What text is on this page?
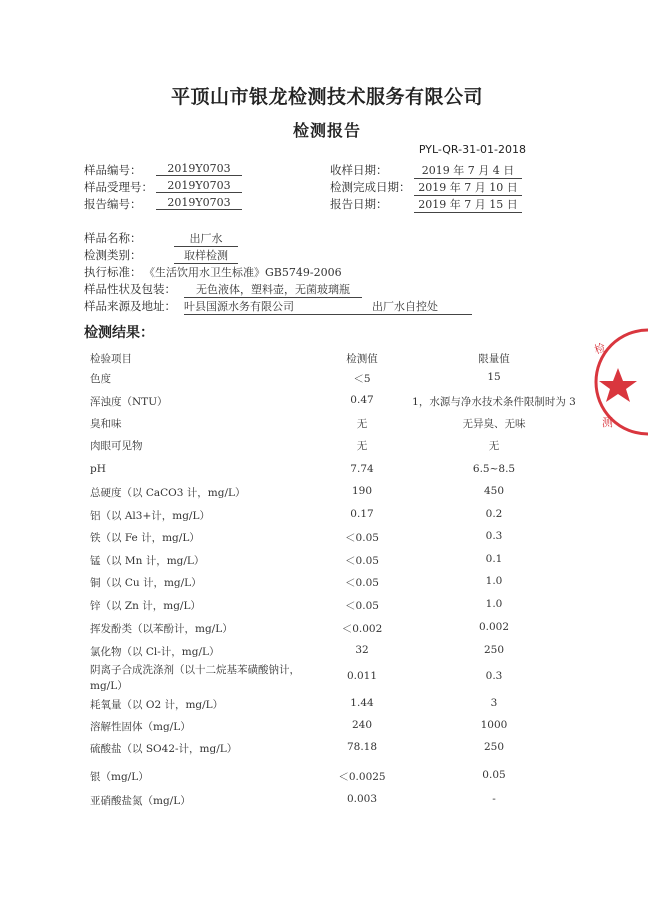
平顶山市银龙检测技术服务有限公司
检测报告
PYL-QR-31-01-2018
样品编号：	2019Y0703
样品受理号：	2019Y0703
报告编号：	2019Y0703
收样日期：	2019 年 7 月 4 日
检测完成日期： 2019 年 7 月 10 日
报告日期：	2019 年 7 月 15 日
样品名称：	出厂水
检测类别：	取样检测
执行标准： 《生活饮用水卫生标准》GB5749-2006
样品性状及包装：	无色液体，塑料壶，无菌玻璃瓶
样品来源及地址： 叶县国源水务有限公司	出厂水自控处
检测结果：
检验项目	检测值	限量值
色度	＜5	15
浑浊度（NTU）	0.47	1，水源与净水技术条件限制时为 3
臭和味	无	无异臭、无味
肉眼可见物	无	无
pH	7.74	6.5~8.5
总硬度（以 CaCO3 计，mg/L）	190	450
铝（以 Al3+计，mg/L）	0.17	0.2
铁（以 Fe 计，mg/L）	＜0.05	0.3
锰（以 Mn 计，mg/L）	＜0.05	0.1
铜（以 Cu 计，mg/L）	＜0.05	1.0
锌（以 Zn 计，mg/L）	＜0.05	1.0
挥发酚类（以苯酚计，mg/L）	＜0.002	0.002
氯化物（以 Cl-计，mg/L）	32	250
阴离子合成洗涤剂（以十二烷基苯磺酸钠计，
mg/L）
0.011	0.3
耗氧量（以 O2 计，mg/L）	1.44	3
溶解性固体（mg/L）	240	1000
硫酸盐（以 SO42-计，mg/L）	78.18	250
银（mg/L）	＜0.0025	0.05
亚硝酸盐氮（mg/L）	0.003	-
检
测
